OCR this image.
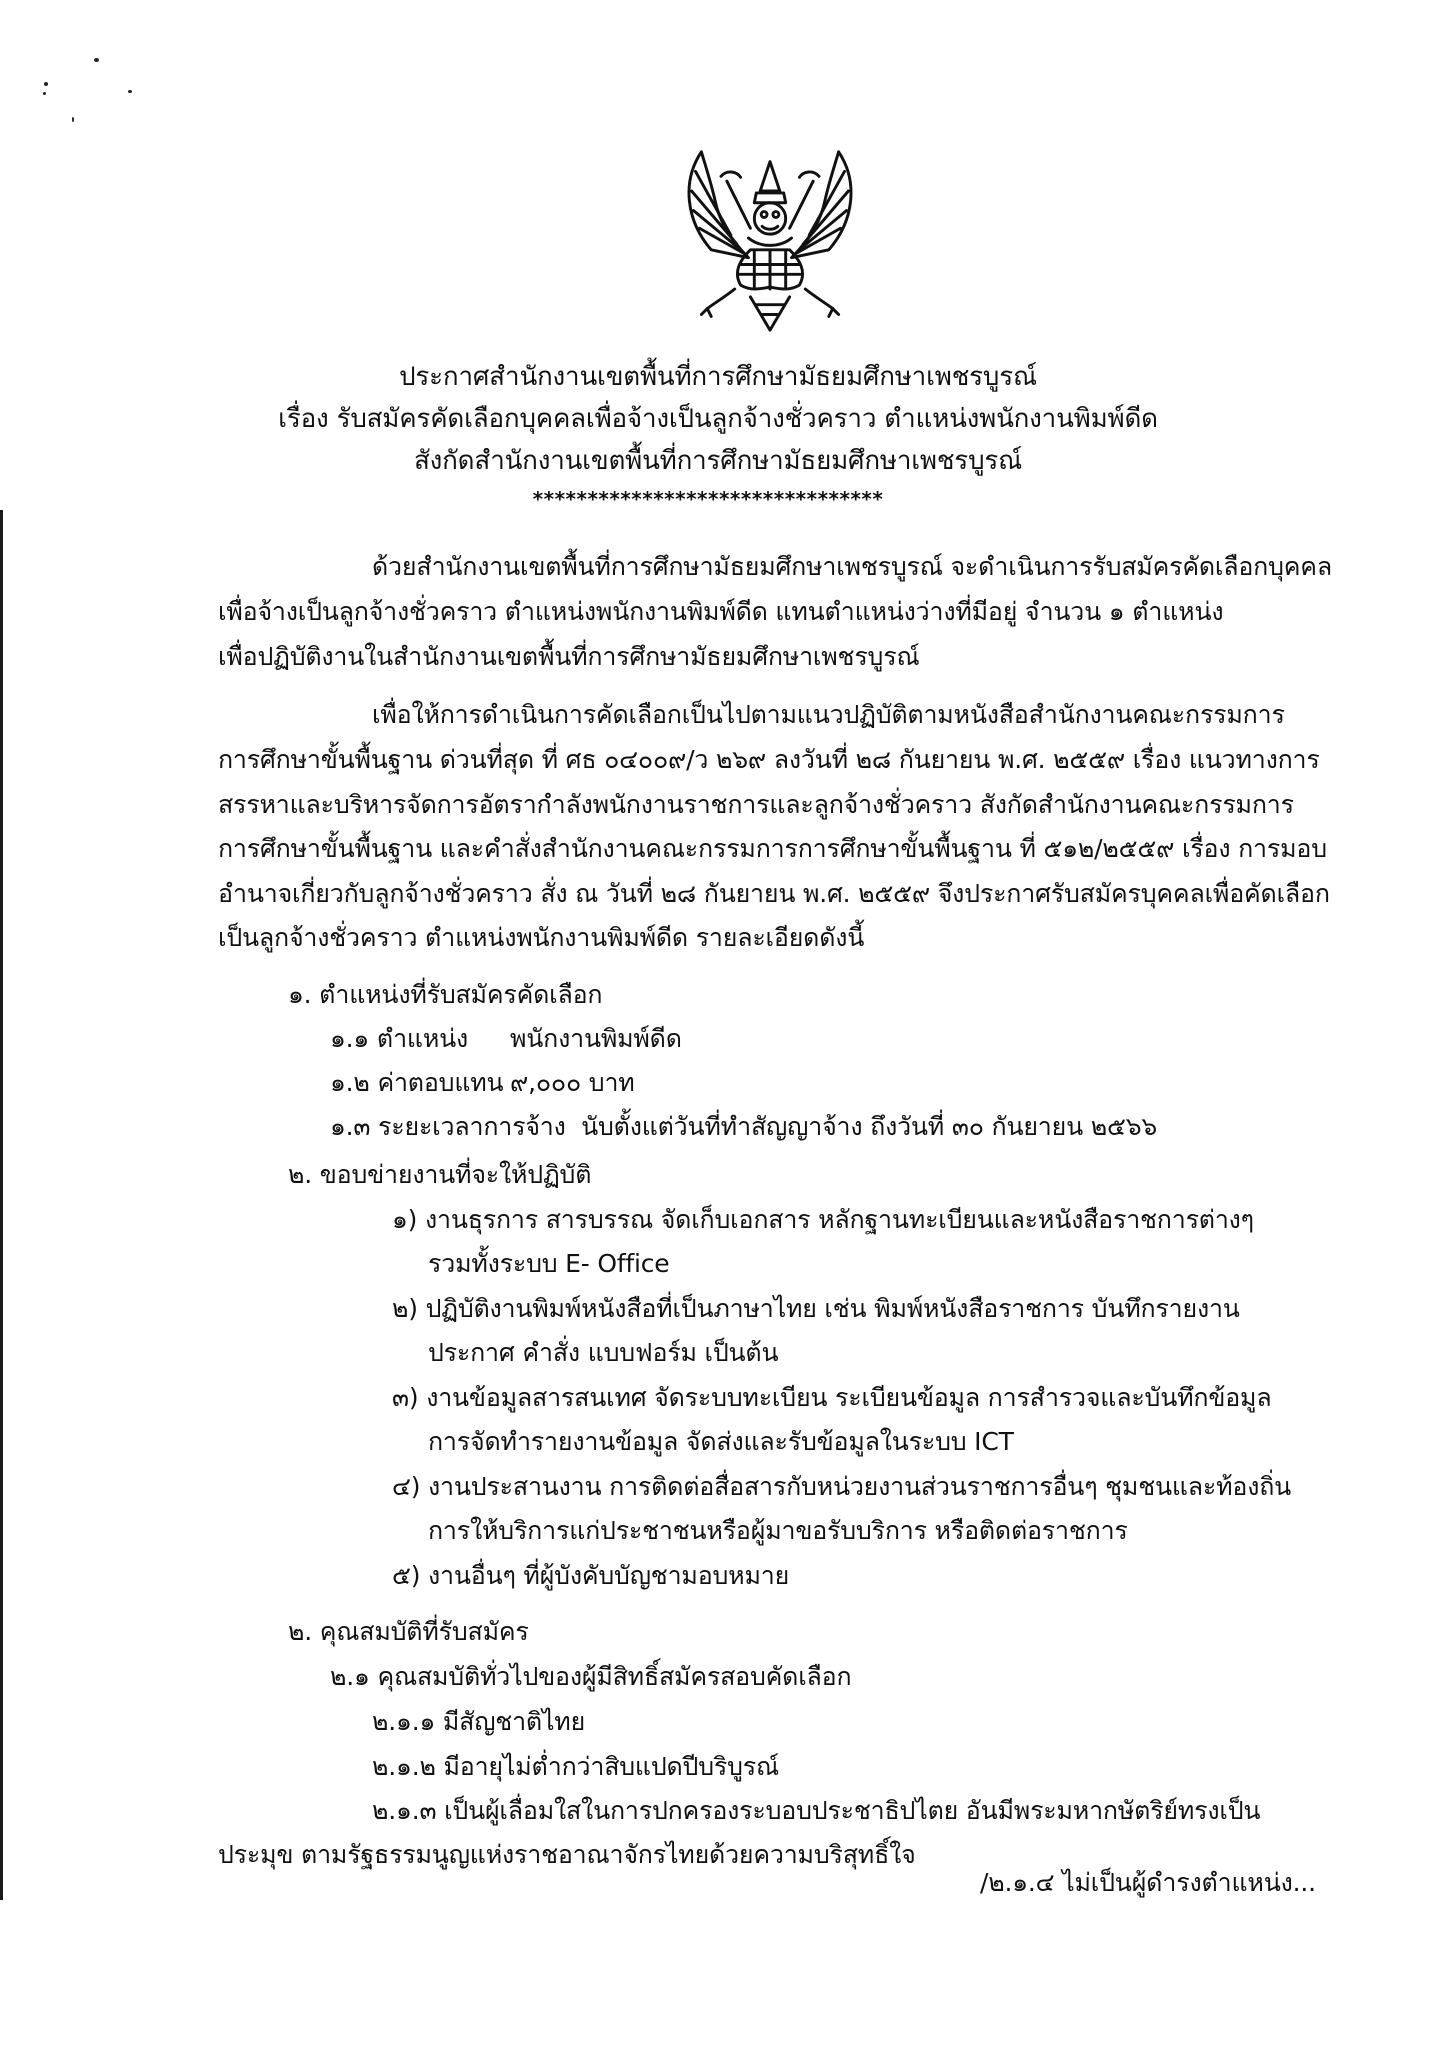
ประกาศสำนักงานเขตพื้นที่การศึกษามัธยมศึกษาเพชรบูรณ์
เรื่อง รับสมัครคัดเลือกบุคคลเพื่อจ้างเป็นลูกจ้างชั่วคราว ตำแหน่งพนักงานพิมพ์ดีด
สังกัดสำนักงานเขตพื้นที่การศึกษามัธยมศึกษาเพชรบูรณ์
********************************
ด้วยสำนักงานเขตพื้นที่การศึกษามัธยมศึกษาเพชรบูรณ์ จะดำเนินการรับสมัครคัดเลือกบุคคล
เพื่อจ้างเป็นลูกจ้างชั่วคราว ตำแหน่งพนักงานพิมพ์ดีด แทนตำแหน่งว่างที่มีอยู่ จำนวน ๑ ตำแหน่ง
เพื่อปฏิบัติงานในสำนักงานเขตพื้นที่การศึกษามัธยมศึกษาเพชรบูรณ์
เพื่อให้การดำเนินการคัดเลือกเป็นไปตามแนวปฏิบัติตามหนังสือสำนักงานคณะกรรมการ
การศึกษาขั้นพื้นฐาน ด่วนที่สุด ที่ ศธ ๐๔๐๐๙/ว ๒๖๙ ลงวันที่ ๒๘ กันยายน พ.ศ. ๒๕๕๙ เรื่อง แนวทางการ
สรรหาและบริหารจัดการอัตรากำลังพนักงานราชการและลูกจ้างชั่วคราว สังกัดสำนักงานคณะกรรมการ
การศึกษาขั้นพื้นฐาน และคำสั่งสำนักงานคณะกรรมการการศึกษาขั้นพื้นฐาน ที่ ๕๑๒/๒๕๕๙ เรื่อง การมอบ
อำนาจเกี่ยวกับลูกจ้างชั่วคราว สั่ง ณ วันที่ ๒๘ กันยายน พ.ศ. ๒๕๕๙ จึงประกาศรับสมัครบุคคลเพื่อคัดเลือก
เป็นลูกจ้างชั่วคราว ตำแหน่งพนักงานพิมพ์ดีด รายละเอียดดังนี้
๑. ตำแหน่งที่รับสมัครคัดเลือก
๑.๑ ตำแหน่ง พนักงานพิมพ์ดีด
๑.๒ ค่าตอบแทน ๙,๐๐๐ บาท
๑.๓ ระยะเวลาการจ้าง นับตั้งแต่วันที่ทำสัญญาจ้าง ถึงวันที่ ๓๐ กันยายน ๒๕๖๖
๒. ขอบข่ายงานที่จะให้ปฏิบัติ
๑) งานธุรการ สารบรรณ จัดเก็บเอกสาร หลักฐานทะเบียนและหนังสือราชการต่างๆ
รวมทั้งระบบ E- Office
๒) ปฏิบัติงานพิมพ์หนังสือที่เป็นภาษาไทย เช่น พิมพ์หนังสือราชการ บันทึกรายงาน
ประกาศ คำสั่ง แบบฟอร์ม เป็นต้น
๓) งานข้อมูลสารสนเทศ จัดระบบทะเบียน ระเบียนข้อมูล การสำรวจและบันทึกข้อมูล
การจัดทำรายงานข้อมูล จัดส่งและรับข้อมูลในระบบ ICT
๔) งานประสานงาน การติดต่อสื่อสารกับหน่วยงานส่วนราชการอื่นๆ ชุมชนและท้องถิ่น
การให้บริการแก่ประชาชนหรือผู้มาขอรับบริการ หรือติดต่อราชการ
๕) งานอื่นๆ ที่ผู้บังคับบัญชามอบหมาย
๒. คุณสมบัติที่รับสมัคร
๒.๑ คุณสมบัติทั่วไปของผู้มีสิทธิ์สมัครสอบคัดเลือก
๒.๑.๑ มีสัญชาติไทย
๒.๑.๒ มีอายุไม่ต่ำกว่าสิบแปดปีบริบูรณ์
๒.๑.๓ เป็นผู้เลื่อมใสในการปกครองระบอบประชาธิปไตย อันมีพระมหากษัตริย์ทรงเป็น
ประมุข ตามรัฐธรรมนูญแห่งราชอาณาจักรไทยด้วยความบริสุทธิ์ใจ
/๒.๑.๔ ไม่เป็นผู้ดำรงตำแหน่ง...
